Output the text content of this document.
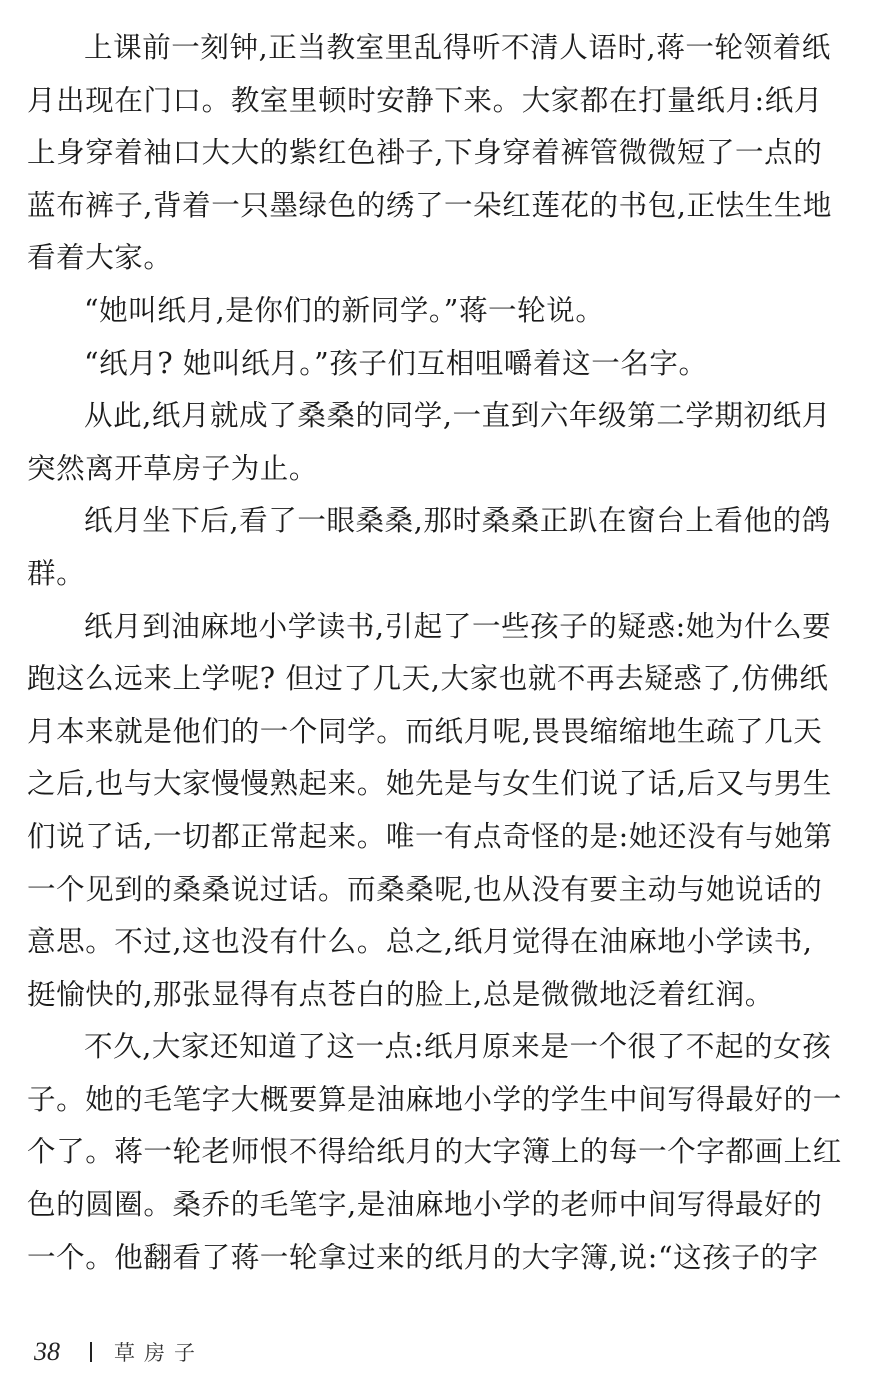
上课前一刻钟,正当教室里乱得听不清人语时,蒋一轮领着纸
月出现在门口。教室里顿时安静下来。大家都在打量纸月:纸月
上身穿着袖口大大的紫红色褂子,下身穿着裤管微微短了一点的
蓝布裤子,背着一只墨绿色的绣了一朵红莲花的书包,正怯生生地
看着大家。
“她叫纸月,是你们的新同学。”蒋一轮说。
“纸月? 她叫纸月。”孩子们互相咀嚼着这一名字。
从此,纸月就成了桑桑的同学,一直到六年级第二学期初纸月
突然离开草房子为止。
纸月坐下后,看了一眼桑桑,那时桑桑正趴在窗台上看他的鸽
群。
纸月到油麻地小学读书,引起了一些孩子的疑惑:她为什么要
跑这么远来上学呢? 但过了几天,大家也就不再去疑惑了,仿佛纸
月本来就是他们的一个同学。而纸月呢,畏畏缩缩地生疏了几天
之后,也与大家慢慢熟起来。她先是与女生们说了话,后又与男生
们说了话,一切都正常起来。唯一有点奇怪的是:她还没有与她第
一个见到的桑桑说过话。而桑桑呢,也从没有要主动与她说话的
意思。不过,这也没有什么。总之,纸月觉得在油麻地小学读书,
挺愉快的,那张显得有点苍白的脸上,总是微微地泛着红润。
不久,大家还知道了这一点:纸月原来是一个很了不起的女孩
子。她的毛笔字大概要算是油麻地小学的学生中间写得最好的一
个了。蒋一轮老师恨不得给纸月的大字簿上的每一个字都画上红
色的圆圈。桑乔的毛笔字,是油麻地小学的老师中间写得最好的
一个。他翻看了蒋一轮拿过来的纸月的大字簿,说:“这孩子的字
38	草房子
